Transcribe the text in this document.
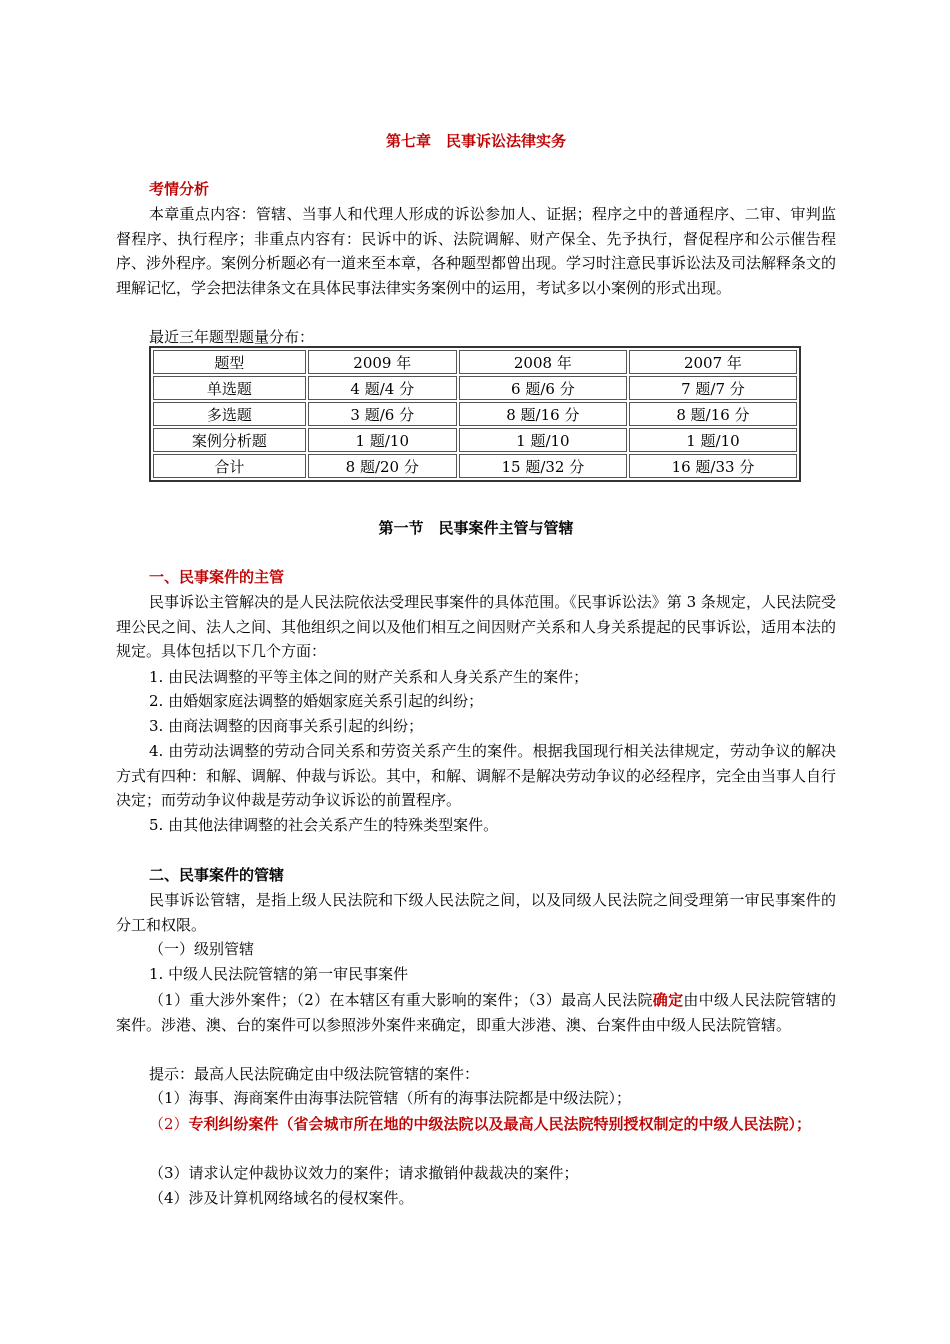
第七章　民事诉讼法律实务
考情分析
本章重点内容：管辖、当事人和代理人形成的诉讼参加人、证据；程序之中的普通程序、二审、审判监督程序、执行程序；非重点内容有：民诉中的诉、法院调解、财产保全、先予执行，督促程序和公示催告程序、涉外程序。案例分析题必有一道来至本章，各种题型都曾出现。学习时注意民事诉讼法及司法解释条文的理解记忆，学会把法律条文在具体民事法律实务案例中的运用，考试多以小案例的形式出现。
最近三年题型题量分布：
题型	2009 年	2008 年	2007 年
单选题	4 题/4 分	6 题/6 分	7 题/7 分
多选题	3 题/6 分	8 题/16 分	8 题/16 分
案例分析题	1 题/10	1 题/10	1 题/10
合计	8 题/20 分	15 题/32 分	16 题/33 分
第一节　民事案件主管与管辖
一、民事案件的主管
民事诉讼主管解决的是人民法院依法受理民事案件的具体范围。《民事诉讼法》第 3 条规定，人民法院受理公民之间、法人之间、其他组织之间以及他们相互之间因财产关系和人身关系提起的民事诉讼，适用本法的规定。具体包括以下几个方面：
1. 由民法调整的平等主体之间的财产关系和人身关系产生的案件；
2. 由婚姻家庭法调整的婚姻家庭关系引起的纠纷；
3. 由商法调整的因商事关系引起的纠纷；
4. 由劳动法调整的劳动合同关系和劳资关系产生的案件。根据我国现行相关法律规定，劳动争议的解决方式有四种：和解、调解、仲裁与诉讼。其中，和解、调解不是解决劳动争议的必经程序，完全由当事人自行决定；而劳动争议仲裁是劳动争议诉讼的前置程序。
5. 由其他法律调整的社会关系产生的特殊类型案件。
二、民事案件的管辖
民事诉讼管辖，是指上级人民法院和下级人民法院之间，以及同级人民法院之间受理第一审民事案件的分工和权限。
（一）级别管辖
1. 中级人民法院管辖的第一审民事案件
（1）重大涉外案件；（2）在本辖区有重大影响的案件；（3）最高人民法院确定由中级人民法院管辖的案件。涉港、澳、台的案件可以参照涉外案件来确定，即重大涉港、澳、台案件由中级人民法院管辖。
提示：最高人民法院确定由中级法院管辖的案件：
（1）海事、海商案件由海事法院管辖（所有的海事法院都是中级法院）；
（2）专利纠纷案件（省会城市所在地的中级法院以及最高人民法院特别授权制定的中级人民法院）；
（3）请求认定仲裁协议效力的案件；请求撤销仲裁裁决的案件；
（4）涉及计算机网络域名的侵权案件。
